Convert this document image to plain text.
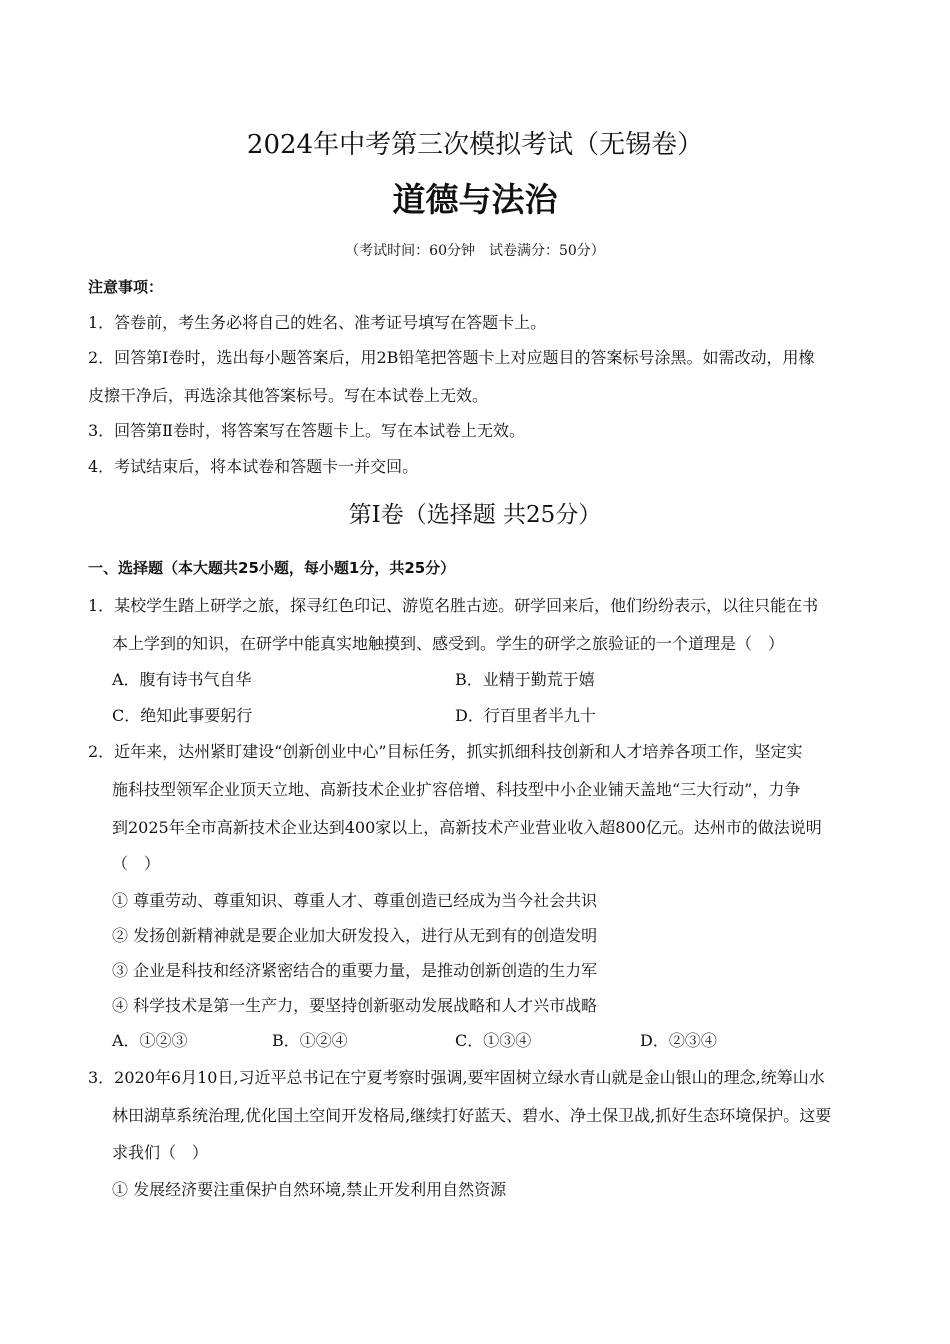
2024年中考第三次模拟考试（无锡卷）
道德与法治
（考试时间：60分钟　试卷满分：50分）
注意事项：
1．答卷前，考生务必将自己的姓名、准考证号填写在答题卡上。
2．回答第Ⅰ卷时，选出每小题答案后，用2B铅笔把答题卡上对应题目的答案标号涂黑。如需改动，用橡
皮擦干净后，再选涂其他答案标号。写在本试卷上无效。
3．回答第Ⅱ卷时，将答案写在答题卡上。写在本试卷上无效。
4．考试结束后，将本试卷和答题卡一并交回。
第Ⅰ卷（选择题 共25分）
一、选择题（本大题共25小题，每小题1分，共25分）
1．某校学生踏上研学之旅，探寻红色印记、游览名胜古迹。研学回来后，他们纷纷表示，以往只能在书
本上学到的知识，在研学中能真实地触摸到、感受到。学生的研学之旅验证的一个道理是（　）
A．腹有诗书气自华	B．业精于勤荒于嬉
C．绝知此事要躬行	D．行百里者半九十
2．近年来，达州紧盯建设“创新创业中心”目标任务，抓实抓细科技创新和人才培养各项工作，坚定实
施科技型领军企业顶天立地、高新技术企业扩容倍增、科技型中小企业铺天盖地“三大行动”，力争
到2025年全市高新技术企业达到400家以上，高新技术产业营业收入超800亿元。达州市的做法说明
（　）
① 尊重劳动、尊重知识、尊重人才、尊重创造已经成为当今社会共识
② 发扬创新精神就是要企业加大研发投入，进行从无到有的创造发明
③ 企业是科技和经济紧密结合的重要力量，是推动创新创造的生力军
④ 科学技术是第一生产力，要坚持创新驱动发展战略和人才兴市战略
A．①②③	B．①②④	C．①③④	D．②③④
3．2020年6月10日,习近平总书记在宁夏考察时强调,要牢固树立绿水青山就是金山银山的理念,统筹山水
林田湖草系统治理,优化国土空间开发格局,继续打好蓝天、碧水、净土保卫战,抓好生态环境保护。这要
求我们（　）
① 发展经济要注重保护自然环境,禁止开发利用自然资源
